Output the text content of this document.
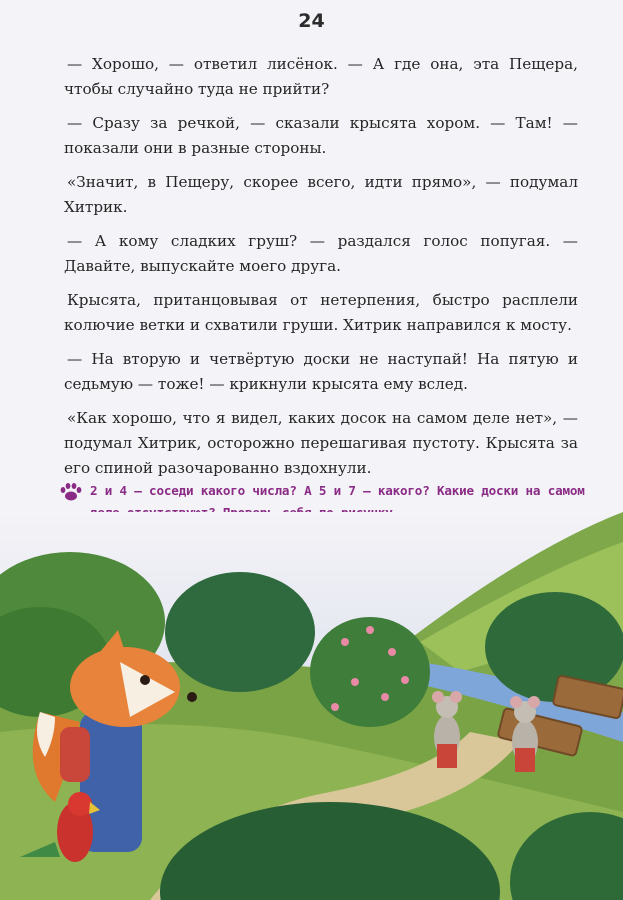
24

— Хорошо, — ответил лисёнок. — А где она, эта Пещера, чтобы случайно туда не прийти?

— Сразу за речкой, — сказали крысята хором. — Там! — показали они в разные стороны.

«Значит, в Пещеру, скорее всего, идти прямо», — подумал Хитрик.

— А кому сладких груш? — раздался голос попугая. — Давайте, выпускайте моего друга.

Крысята, пританцовывая от нетерпения, быстро расплели колючие ветки и схватили груши. Хитрик направился к мосту.

— На вторую и четвёртую доски не наступай! На пятую и седьмую — тоже! — крикнули крысята ему вслед.

«Как хорошо, что я видел, каких досок на самом деле нет», — подумал Хитрик, осторожно перешагивая пустоту. Крысята за его спиной разочарованно вздохнули.

2 и 4 — соседи какого числа? А 5 и 7 — какого? Какие доски на самом
